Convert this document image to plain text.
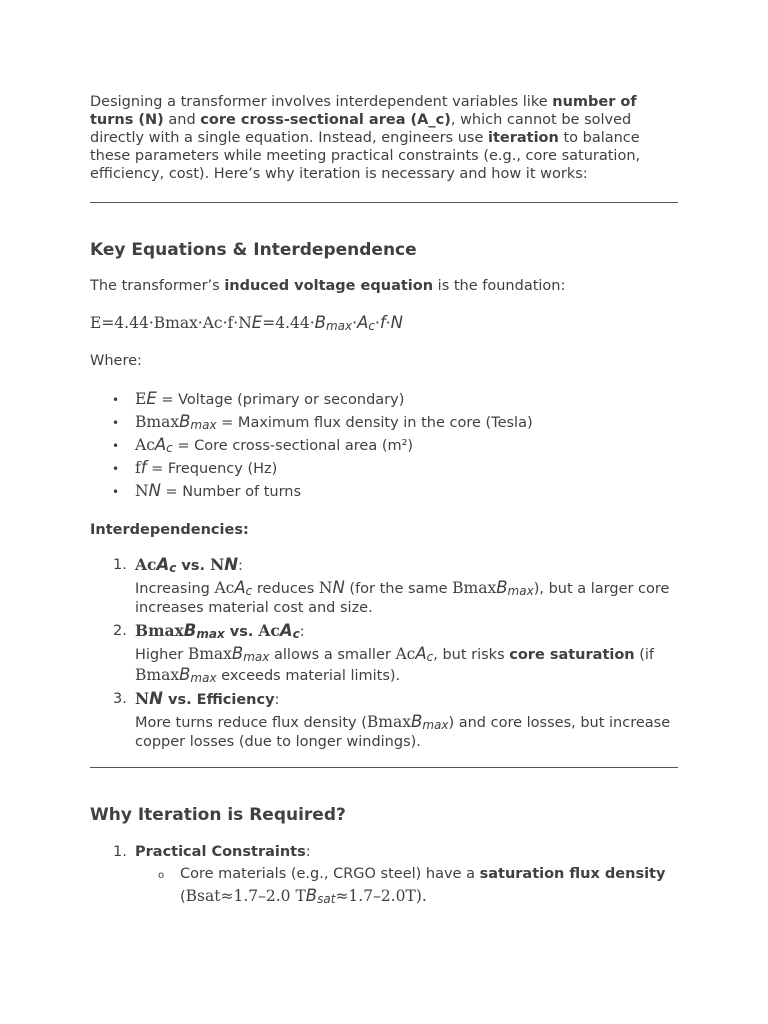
Designing a transformer involves interdependent variables like number of turns (N) and core cross-sectional area (A_c), which cannot be solved directly with a single equation. Instead, engineers use iteration to balance these parameters while meeting practical constraints (e.g., core saturation, efficiency, cost). Here’s why iteration is necessary and how it works:

Key Equations & Interdependence

The transformer’s induced voltage equation is the foundation:

E=4.44·Bmax·Ac·f·NE=4.44·Bmax·Ac·f·N

Where:

• EE = Voltage (primary or secondary)
• BmaxBmax = Maximum flux density in the core (Tesla)
• AcAc = Core cross-sectional area (m²)
• ff = Frequency (Hz)
• NN = Number of turns

Interdependencies:

1. AcAc vs. NN:
Increasing AcAc reduces NN (for the same BmaxBmax), but a larger core increases material cost and size.
2. BmaxBmax vs. AcAc:
Higher BmaxBmax allows a smaller AcAc, but risks core saturation (if BmaxBmax exceeds material limits).
3. NN vs. Efficiency:
More turns reduce flux density (BmaxBmax) and core losses, but increase copper losses (due to longer windings).
Why Iteration is Required?
1. Practical Constraints:
o Core materials (e.g., CRGO steel) have a saturation flux density (Bsat≈1.7–2.0 TBsat≈1.7–2.0T).
